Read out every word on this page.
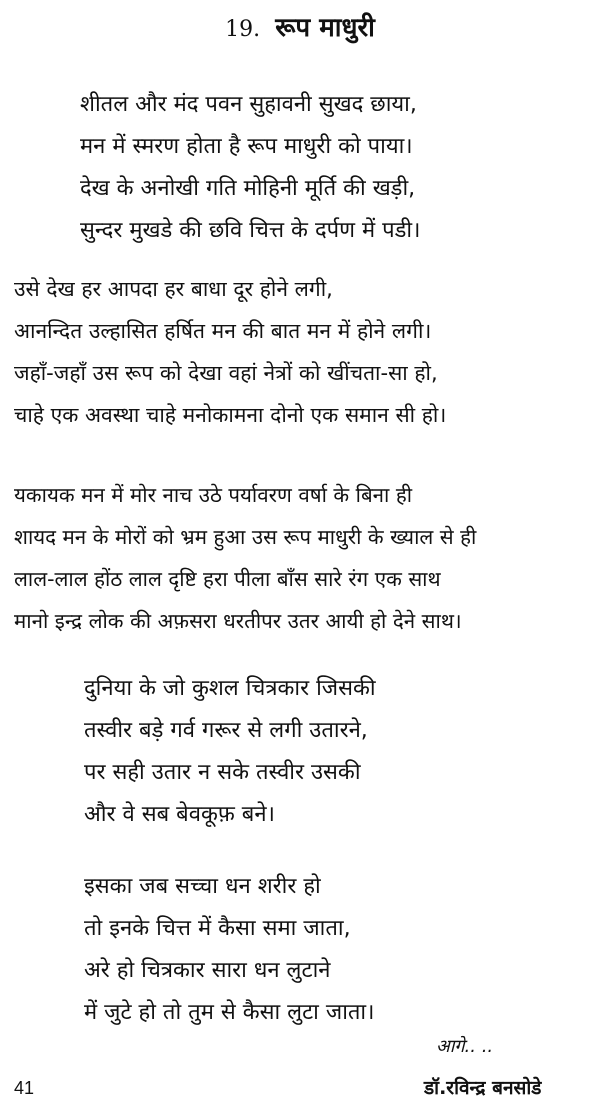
19. रूप माधुरी
शीतल और मंद पवन सुहावनी सुखद छाया,
मन में स्मरण होता है रूप माधुरी को पाया।
देख के अनोखी गति मोहिनी मूर्ति की खड़ी,
सुन्दर मुखडे की छवि चित्त के दर्पण में पडी।
उसे देख हर आपदा हर बाधा दूर होने लगी,
आनन्दित उल्हासित हर्षित मन की बात मन में होने लगी।
जहाँ-जहाँ उस रूप को देखा वहां नेत्रों को खींचता-सा हो,
चाहे एक अवस्था चाहे मनोकामना दोनो एक समान सी हो।
यकायक मन में मोर नाच उठे पर्यावरण वर्षा के बिना ही
शायद मन के मोरों को भ्रम हुआ उस रूप माधुरी के ख्याल से ही
लाल-लाल होंठ लाल दृष्टि हरा पीला बाँस सारे रंग एक साथ
मानो इन्द्र लोक की अफ़सरा धरतीपर उतर आयी हो देने साथ।
दुनिया के जो कुशल चित्रकार जिसकी
तस्वीर बड़े गर्व गरूर से लगी उतारने,
पर सही उतार न सके तस्वीर उसकी
और वे सब बेवकूफ़ बने।
इसका जब सच्चा धन शरीर हो
तो इनके चित्त में कैसा समा जाता,
अरे हो चित्रकार सारा धन लुटाने
में जुटे हो तो तुम से कैसा लुटा जाता।
आगे.. ..
41	डॉ.रविन्द्र बनसोडे
